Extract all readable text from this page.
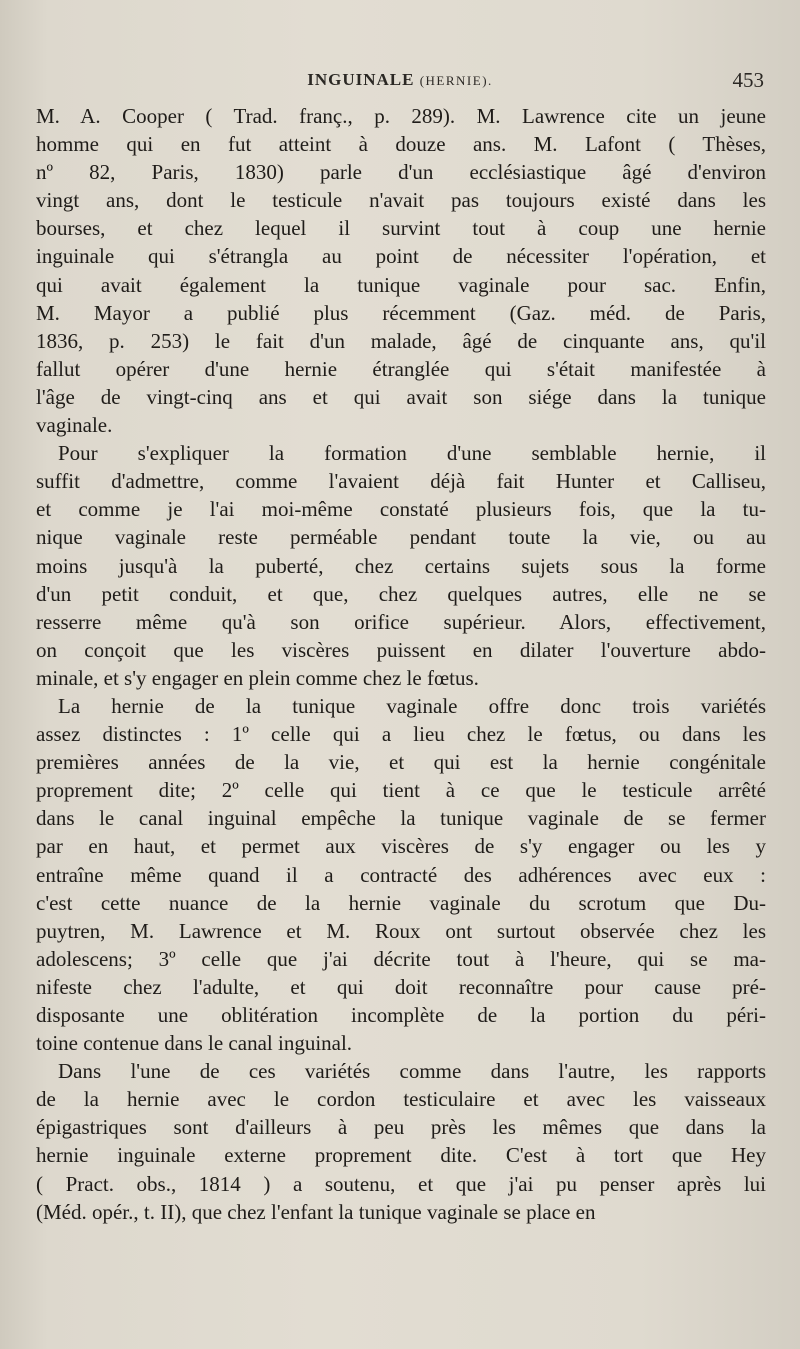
INGUINALE (HERNIE).	453
M. A. Cooper ( Trad. franç., p. 289). M. Lawrence cite un jeune
homme qui en fut atteint à douze ans. M. Lafont ( Thèses,
nº 82, Paris, 1830) parle d'un ecclésiastique âgé d'environ
vingt ans, dont le testicule n'avait pas toujours existé dans les
bourses, et chez lequel il survint tout à coup une hernie
inguinale qui s'étrangla au point de nécessiter l'opération, et
qui avait également la tunique vaginale pour sac. Enfin,
M. Mayor a publié plus récemment (Gaz. méd. de Paris,
1836, p. 253) le fait d'un malade, âgé de cinquante ans, qu'il
fallut opérer d'une hernie étranglée qui s'était manifestée à
l'âge de vingt-cinq ans et qui avait son siége dans la tunique
vaginale.
Pour s'expliquer la formation d'une semblable hernie, il
suffit d'admettre, comme l'avaient déjà fait Hunter et Calliseu,
et comme je l'ai moi-même constaté plusieurs fois, que la tu-
nique vaginale reste perméable pendant toute la vie, ou au
moins jusqu'à la puberté, chez certains sujets sous la forme
d'un petit conduit, et que, chez quelques autres, elle ne se
resserre même qu'à son orifice supérieur. Alors, effectivement,
on conçoit que les viscères puissent en dilater l'ouverture abdo-
minale, et s'y engager en plein comme chez le fœtus.
La hernie de la tunique vaginale offre donc trois variétés
assez distinctes : 1º celle qui a lieu chez le fœtus, ou dans les
premières années de la vie, et qui est la hernie congénitale
proprement dite; 2º celle qui tient à ce que le testicule arrêté
dans le canal inguinal empêche la tunique vaginale de se fermer
par en haut, et permet aux viscères de s'y engager ou les y
entraîne même quand il a contracté des adhérences avec eux :
c'est cette nuance de la hernie vaginale du scrotum que Du-
puytren, M. Lawrence et M. Roux ont surtout observée chez les
adolescens; 3º celle que j'ai décrite tout à l'heure, qui se ma-
nifeste chez l'adulte, et qui doit reconnaître pour cause pré-
disposante une oblitération incomplète de la portion du péri-
toine contenue dans le canal inguinal.
Dans l'une de ces variétés comme dans l'autre, les rapports
de la hernie avec le cordon testiculaire et avec les vaisseaux
épigastriques sont d'ailleurs à peu près les mêmes que dans la
hernie inguinale externe proprement dite. C'est à tort que Hey
( Pract. obs., 1814 ) a soutenu, et que j'ai pu penser après lui
(Méd. opér., t. II), que chez l'enfant la tunique vaginale se place en
